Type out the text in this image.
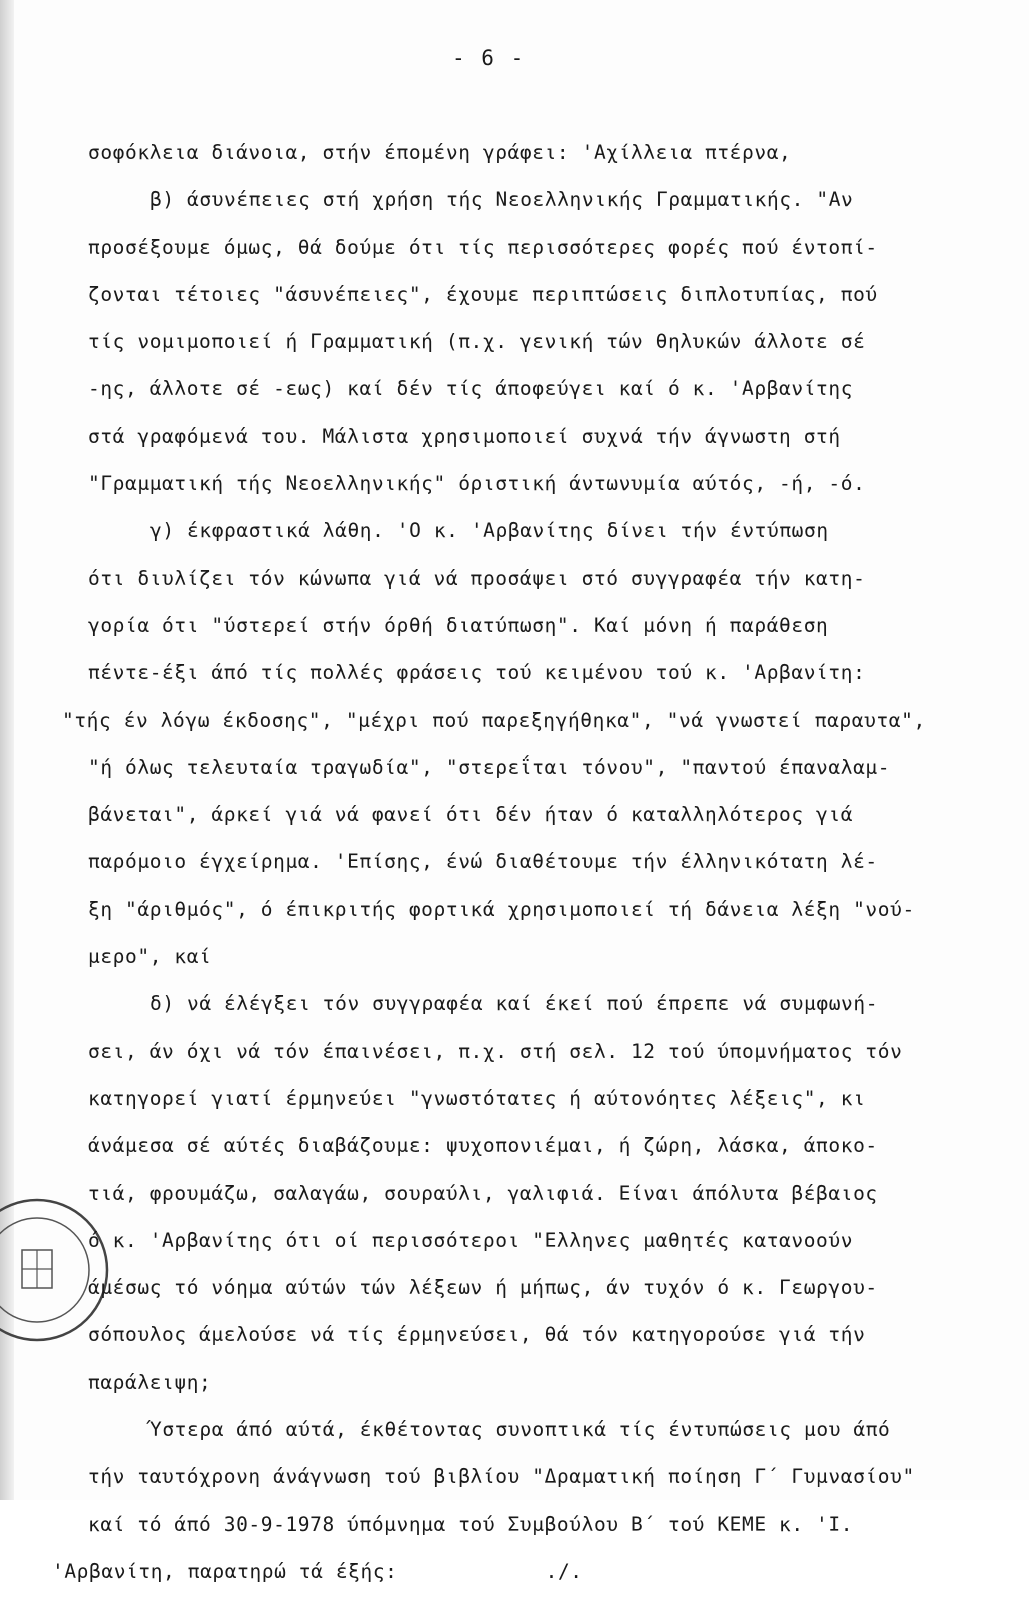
- 6 -
σοφόκλεια διάνοια, στήν έπομένη γράφει: 'Αχίλλεια πτέρνα,
β) άσυνέπειες στή χρήση τής Νεοελληνικής Γραμματικής. "Αν
προσέξουμε όμως, θά δούμε ότι τίς περισσότερες φορές πού έντοπί-
ζονται τέτοιες "άσυνέπειες", έχουμε περιπτώσεις διπλοτυπίας, πού
τίς νομιμοποιεί ή Γραμματική (π.χ. γενική τών θηλυκών άλλοτε σέ
-ης, άλλοτε σέ -εως) καί δέν τίς άποφεύγει καί ό κ. 'Αρβανίτης
στά γραφόμενά του. Μάλιστα χρησιμοποιεί συχνά τήν άγνωστη στή
"Γραμματική τής Νεοελληνικής" όριστική άντωνυμία αύτός, -ή, -ό.
γ) έκφραστικά λάθη. 'Ο κ. 'Αρβανίτης δίνει τήν έντύπωση
ότι διυλίζει τόν κώνωπα γιά νά προσάψει στό συγγραφέα τήν κατη-
γορία ότι "ύστερεί στήν όρθή διατύπωση". Καί μόνη ή παράθεση
πέντε-έξι άπό τίς πολλές φράσεις τού κειμένου τού κ. 'Αρβανίτη:
"τής έν λόγω έκδοσης", "μέχρι πού παρεξηγήθηκα", "νά γνωστεί παραυτα",
"ή όλως τελευταία τραγωδία", "στερεΐται τόνου", "παντού έπαναλαμ-
βάνεται", άρκεί γιά νά φανεί ότι δέν ήταν ό καταλληλότερος γιά
παρόμοιο έγχείρημα. 'Επίσης, ένώ διαθέτουμε τήν έλληνικότατη λέ-
ξη "άριθμός", ό έπικριτής φορτικά χρησιμοποιεί τή δάνεια λέξη "νού-
μερο", καί
δ) νά έλέγξει τόν συγγραφέα καί έκεί πού έπρεπε νά συμφωνή-
σει, άν όχι νά τόν έπαινέσει, π.χ. στή σελ. 12 τού ύπομνήματος τόν
κατηγορεί γιατί έρμηνεύει "γνωστότατες ή αύτονόητες λέξεις", κι
άνάμεσα σέ αύτές διαβάζουμε: ψυχοπονιέμαι, ή ζώρη, λάσκα, άποκο-
τιά, φρουμάζω, σαλαγάω, σουραύλι, γαλιφιά. Είναι άπόλυτα βέβαιος
ό κ. 'Αρβανίτης ότι οί περισσότεροι "Ελληνες μαθητές κατανοούν
άμέσως τό νόημα αύτών τών λέξεων ή μήπως, άν τυχόν ό κ. Γεωργου-
σόπουλος άμελούσε νά τίς έρμηνεύσει, θά τόν κατηγορούσε γιά τήν
παράλειψη;
Ύστερα άπό αύτά, έκθέτοντας συνοπτικά τίς έντυπώσεις μου άπό
τήν ταυτόχρονη άνάγνωση τού βιβλίου "Δραματική ποίηση Γ΄ Γυμνασίου"
καί τό άπό 30-9-1978 ύπόμνημα τού Συμβούλου Β΄ τού ΚΕΜΕ κ. 'Ι.
'Αρβανίτη, παρατηρώ τά έξής:            ./.
